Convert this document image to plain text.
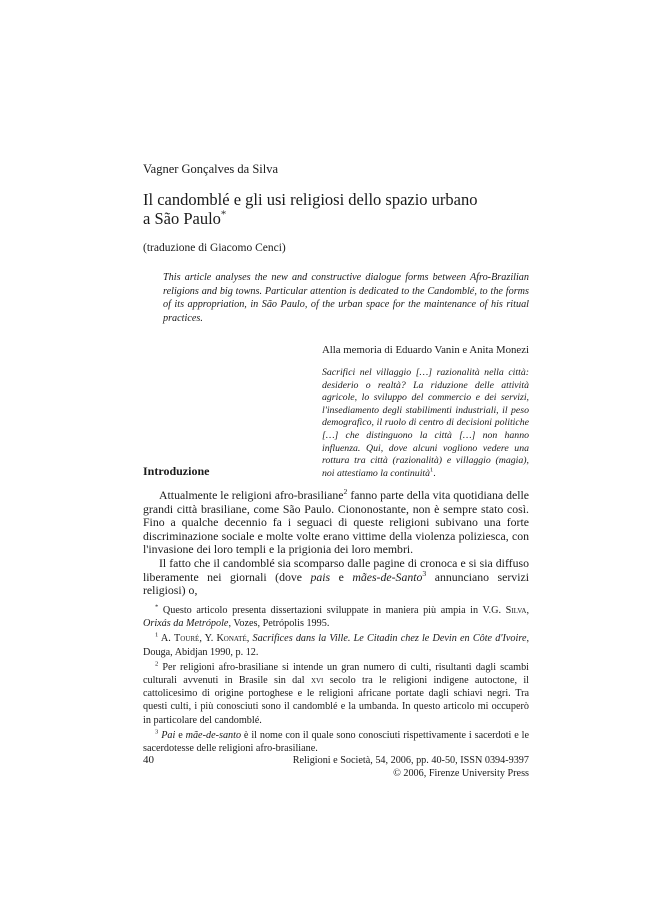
Vagner Gonçalves da Silva

Il candomblé e gli usi religiosi dello spazio urbano
a São Paulo*

(traduzione di Giacomo Cenci)

This article analyses the new and constructive dialogue forms between Afro-Brazilian religions and big towns. Particular attention is dedicated to the Candomblé, to the forms of its appropriation, in São Paulo, of the urban space for the maintenance of his ritual practices.

Alla memoria di Eduardo Vanin e Anita Monezi

Sacrifici nel villaggio […] razionalità nella città: desiderio o realtà? La riduzione delle attività agricole, lo sviluppo del commercio e dei servizi, l'insediamento degli stabilimenti industriali, il peso demografico, il ruolo di centro di decisioni politiche […] che distinguono la città […] non hanno influenza. Qui, dove alcuni vogliono vedere una rottura tra città (razionalità) e villaggio (magia), noi attestiamo la continuità$^1$.

Introduzione

Attualmente le religioni afro-brasiliane$^2$ fanno parte della vita quotidiana delle grandi città brasiliane, come São Paulo. Ciononostante, non è sempre stato così. Fino a qualche decennio fa i seguaci di queste religioni subivano una forte discriminazione sociale e molte volte erano vittime della violenza poliziesca, con l'invasione dei loro templi e la prigionia dei loro membri.

Il fatto che il candomblé sia scomparso dalle pagine di cronoca e si sia diffuso liberamente nei giornali (dove pais e mães-de-Santo$^3$ annunciano servizi religiosi) o,

* Questo articolo presenta dissertazioni sviluppate in maniera più ampia in V.G. Silva, Orixás da Metrópole, Vozes, Petrópolis 1995.

$^1$ A. Touré, Y. Konaté, Sacrifices dans la Ville. Le Citadin chez le Devin en Côte d'Ivoire, Douga, Abidjan 1990, p. 12.

$^2$ Per religioni afro-brasiliane si intende un gran numero di culti, risultanti dagli scambi culturali avvenuti in Brasile sin dal xvi secolo tra le religioni indigene autoctone, il cattolicesimo di origine portoghese e le religioni africane portate dagli schiavi negri. Tra questi culti, i più conosciuti sono il candomblé e la umbanda. In questo articolo mi occuperò in particolare del candomblé.

$^3$ Pai e mãe-de-santo è il nome con il quale sono conosciuti rispettivamente i sacerdoti e le sacerdotesse delle religioni afro-brasiliane.

40	Religioni e Società, 54, 2006, pp. 40-50, ISSN 0394-9397
© 2006, Firenze University Press
